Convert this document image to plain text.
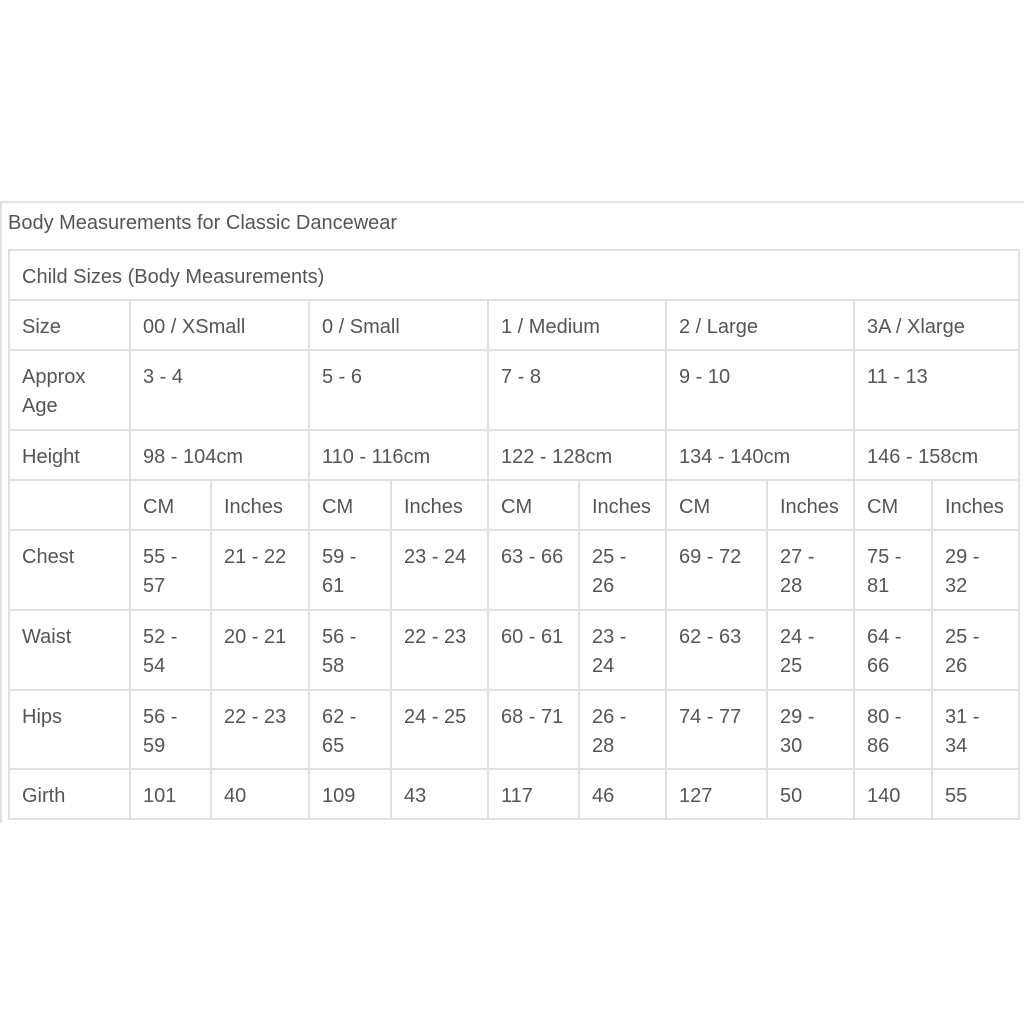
Body Measurements for Classic Dancewear
Child Sizes (Body Measurements)										
Size	00 / XSmall		0 / Small		1 / Medium		2 / Large		3A / Xlarge	
Approx Age	3 - 4		5 - 6		7 - 8		9 - 10		11 - 13	
Height	98 - 104cm		110 - 116cm		122 - 128cm		134 - 140cm		146 - 158cm	
	CM	Inches	CM	Inches	CM	Inches	CM	Inches	CM	Inches
Chest	55 - 57	21 - 22	59 - 61	23 - 24	63 - 66	25 - 26	69 - 72	27 - 28	75 - 81	29 - 32
Waist	52 - 54	20 - 21	56 - 58	22 - 23	60 - 61	23 - 24	62 - 63	24 - 25	64 - 66	25 - 26
Hips	56 - 59	22 - 23	62 - 65	24 - 25	68 - 71	26 - 28	74 - 77	29 - 30	80 - 86	31 - 34
Girth	101	40	109	43	117	46	127	50	140	55
